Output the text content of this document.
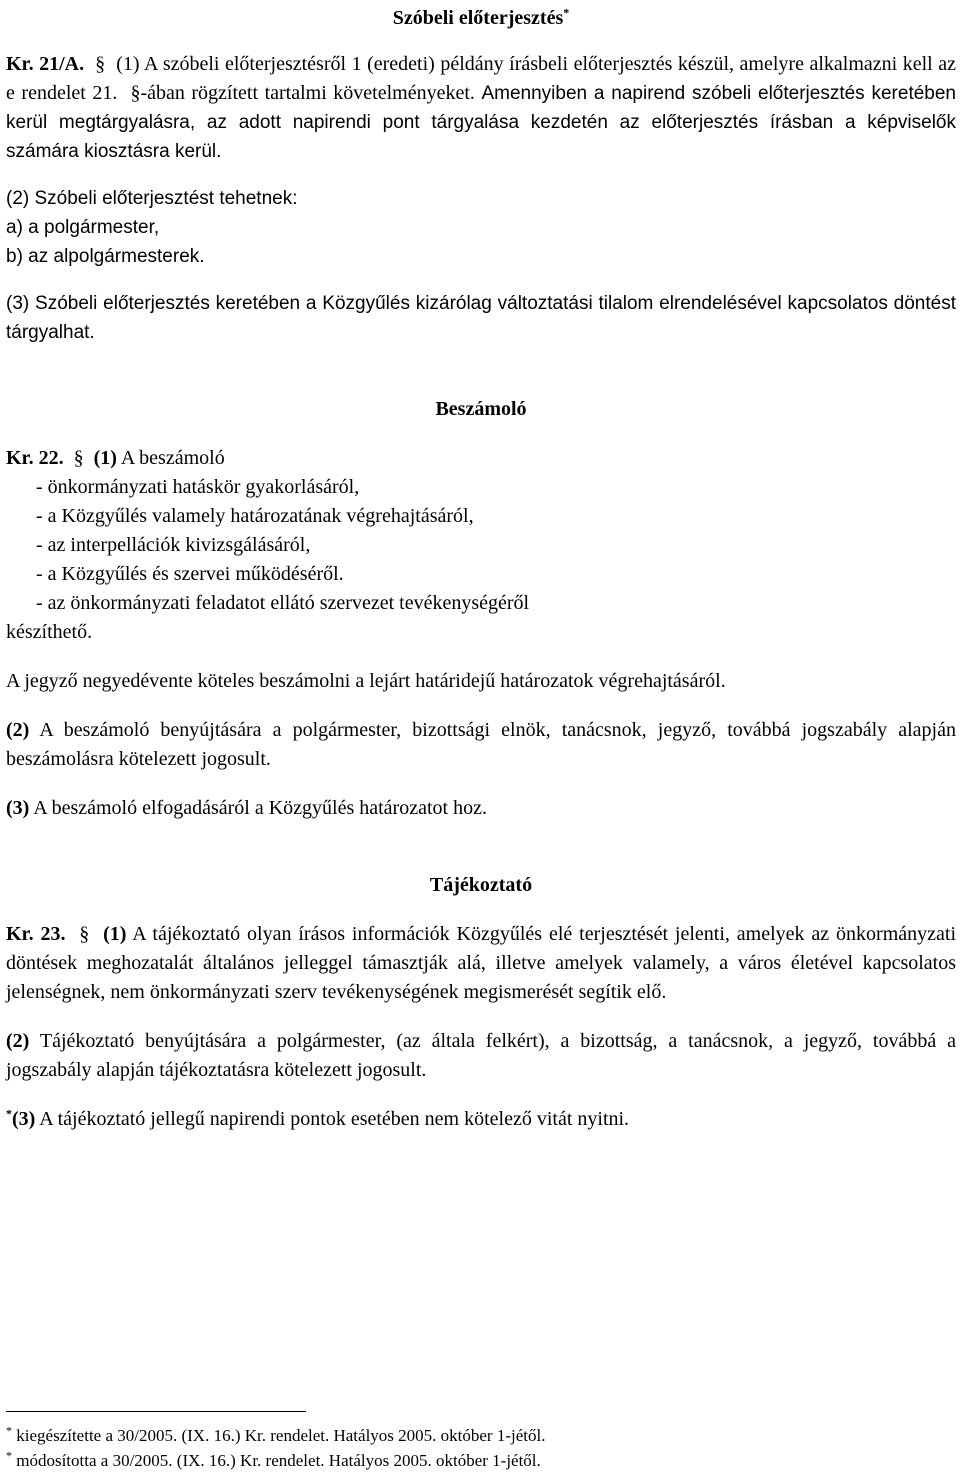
Szóbeli előterjesztés*

Kr. 21/A. § (1) A szóbeli előterjesztésről 1 (eredeti) példány írásbeli előterjesztés készül, amelyre alkalmazni kell az e rendelet 21. §-ában rögzített tartalmi követelményeket. Amennyiben a napirend szóbeli előterjesztés keretében kerül megtárgyalásra, az adott napirendi pont tárgyalása kezdetén az előterjesztés írásban a képviselők számára kiosztásra kerül.

(2) Szóbeli előterjesztést tehetnek:

a) a polgármester,

b) az alpolgármesterek.

(3) Szóbeli előterjesztés keretében a Közgyűlés kizárólag változtatási tilalom elrendelésével kapcsolatos döntést tárgyalhat.

Beszámoló

Kr. 22. § (1) A beszámoló

- önkormányzati hatáskör gyakorlásáról,

- a Közgyűlés valamely határozatának végrehajtásáról,

- az interpellációk kivizsgálásáról,

- a Közgyűlés és szervei működéséről.

- az önkormányzati feladatot ellátó szervezet tevékenységéről

készíthető.

A jegyző negyedévente köteles beszámolni a lejárt határidejű határozatok végrehajtásáról.

(2) A beszámoló benyújtására a polgármester, bizottsági elnök, tanácsnok, jegyző, továbbá jogszabály alapján beszámolásra kötelezett jogosult.

(3) A beszámoló elfogadásáról a Közgyűlés határozatot hoz.

Tájékoztató

Kr. 23. § (1) A tájékoztató olyan írásos információk Közgyűlés elé terjesztését jelenti, amelyek az önkormányzati döntések meghozatalát általános jelleggel támasztják alá, illetve amelyek valamely, a város életével kapcsolatos jelenségnek, nem önkormányzati szerv tevékenységének megismerését segítik elő.

(2) Tájékoztató benyújtására a polgármester, (az általa felkért), a bizottság, a tanácsnok, a jegyző, továbbá a jogszabály alapján tájékoztatásra kötelezett jogosult.

*(3) A tájékoztató jellegű napirendi pontok esetében nem kötelező vitát nyitni.

* kiegészítette a 30/2005. (IX. 16.) Kr. rendelet. Hatályos 2005. október 1-jétől.
* módosította a 30/2005. (IX. 16.) Kr. rendelet. Hatályos 2005. október 1-jétől.
